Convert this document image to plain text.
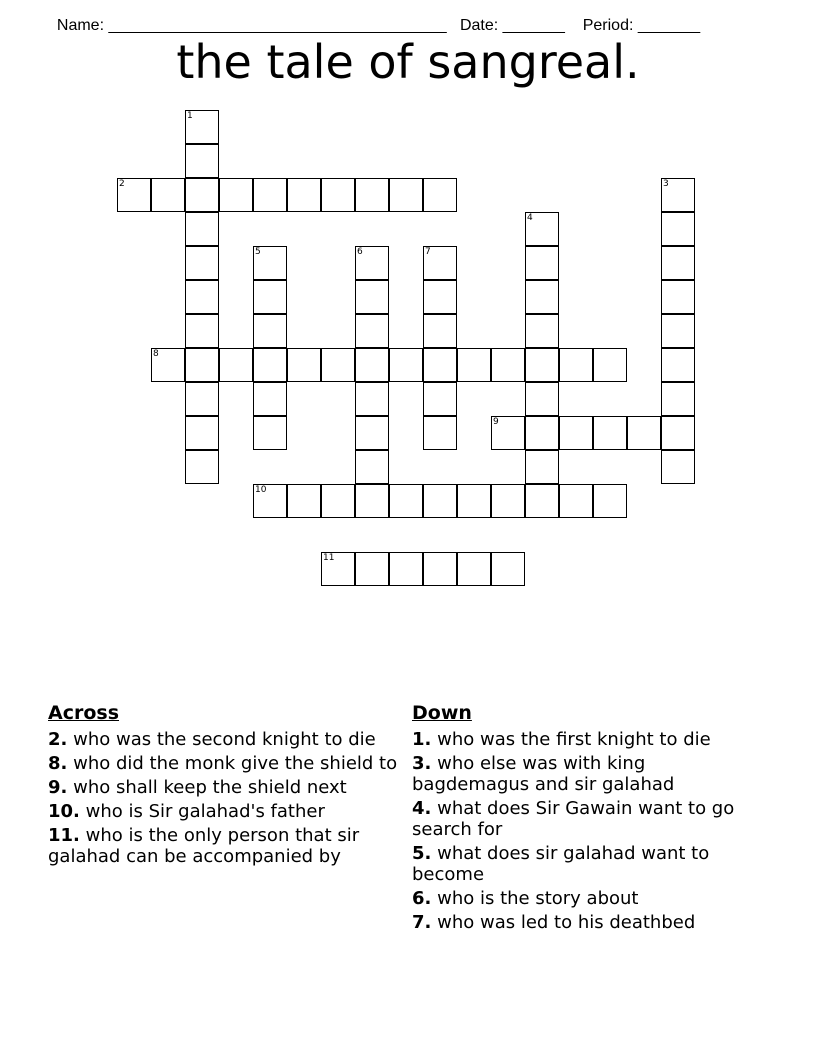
Name: ______________________________________ Date: _______ Period: _______

the tale of sangreal.
1
2	3
4
5	6	7
8
9
10
11
Across
2. who was the second knight to die
8. who did the monk give the shield to
9. who shall keep the shield next
10. who is Sir galahad's father
11. who is the only person that sir galahad can be accompanied by
Down
1. who was the first knight to die
3. who else was with king bagdemagus and sir galahad
4. what does Sir Gawain want to go search for
5. what does sir galahad want to become
6. who is the story about
7. who was led to his deathbed
